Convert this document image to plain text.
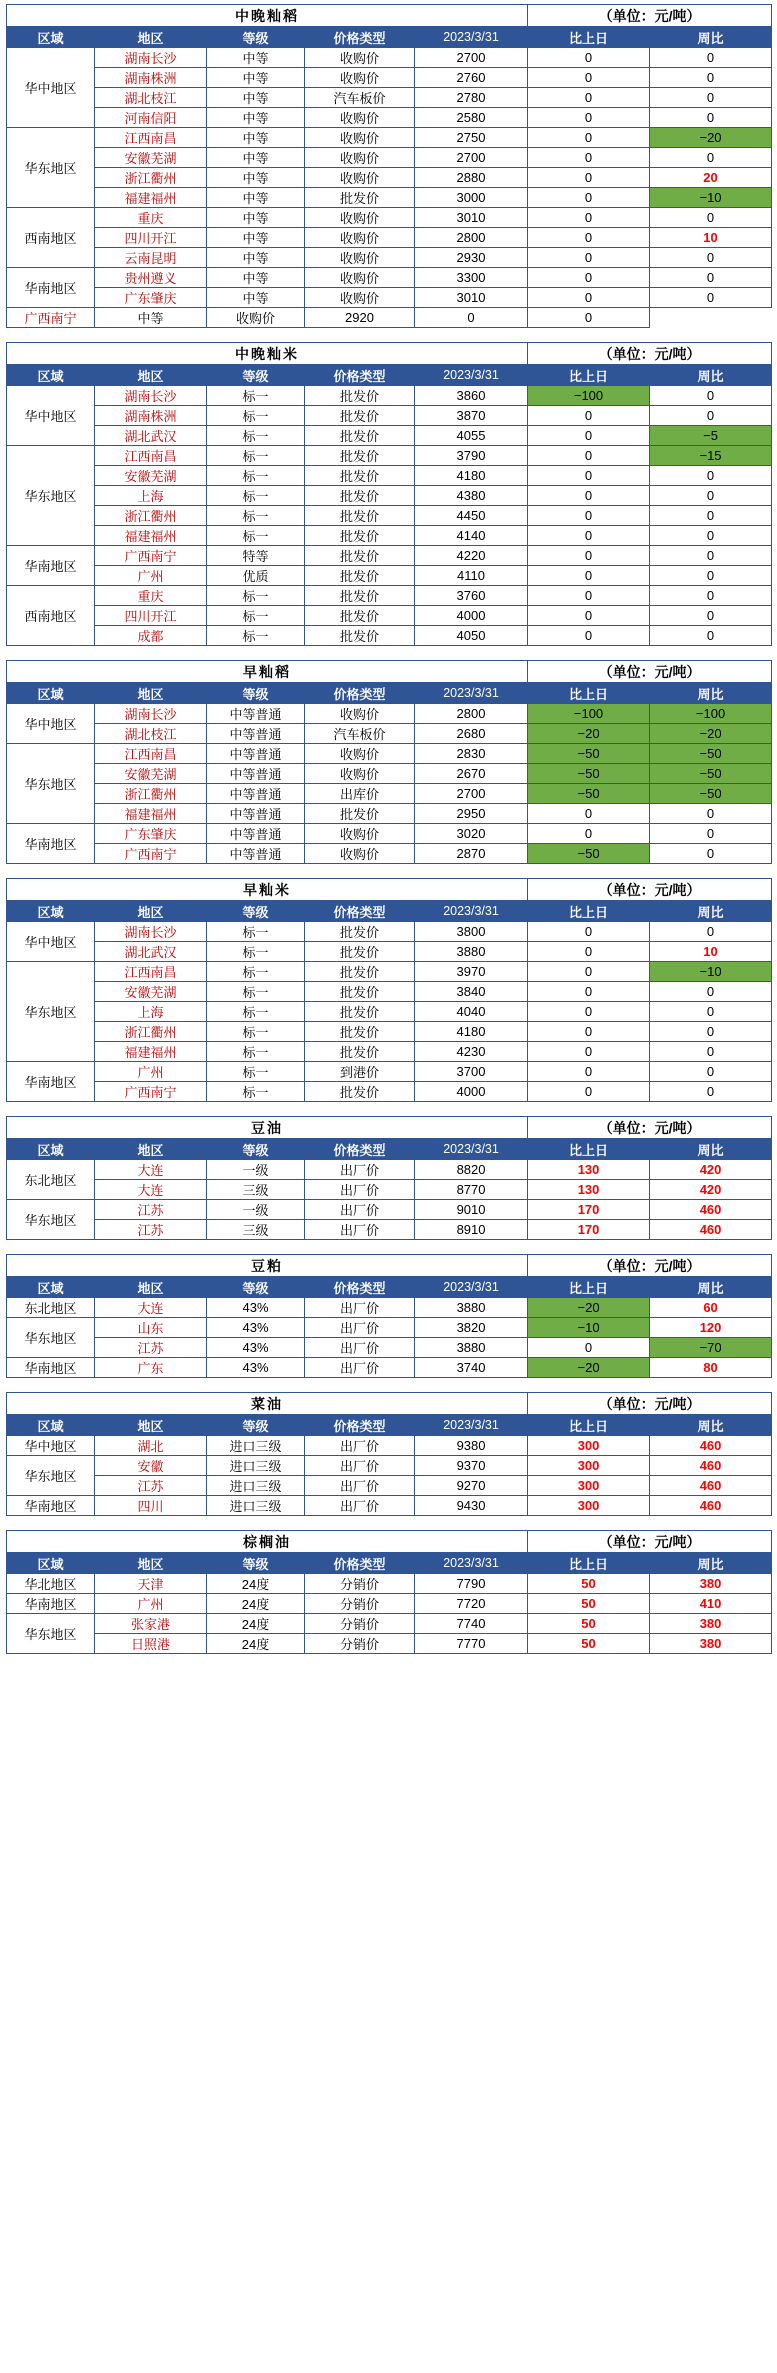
中晚籼稻					（单位：元/吨）	
区域	地区	等级	价格类型	2023/3/31	比上日	周比
华中地区	湖南长沙	中等	收购价	2700	0	0
	湖南株洲	中等	收购价	2760	0	0
	湖北枝江	中等	汽车板价	2780	0	0
	河南信阳	中等	收购价	2580	0	0
华东地区	江西南昌	中等	收购价	2750	0	−20
	安徽芜湖	中等	收购价	2700	0	0
	浙江衢州	中等	收购价	2880	0	20
	福建福州	中等	批发价	3000	0	−10
西南地区	重庆	中等	收购价	3010	0	0
	四川开江	中等	收购价	2800	0	10
	云南昆明	中等	收购价	2930	0	0
华南地区	贵州遵义	中等	收购价	3300	0	0
	广东肇庆	中等	收购价	3010	0	0
广西南宁	中等	收购价	2920	0	0	
中晚籼米					（单位：元/吨）	
区域	地区	等级	价格类型	2023/3/31	比上日	周比
华中地区	湖南长沙	标一	批发价	3860	−100	0
	湖南株洲	标一	批发价	3870	0	0
	湖北武汉	标一	批发价	4055	0	−5
华东地区	江西南昌	标一	批发价	3790	0	−15
	安徽芜湖	标一	批发价	4180	0	0
	上海	标一	批发价	4380	0	0
	浙江衢州	标一	批发价	4450	0	0
	福建福州	标一	批发价	4140	0	0
华南地区	广西南宁	特等	批发价	4220	0	0
	广州	优质	批发价	4110	0	0
西南地区	重庆	标一	批发价	3760	0	0
	四川开江	标一	批发价	4000	0	0
	成都	标一	批发价	4050	0	0
早籼稻					（单位：元/吨）	
区域	地区	等级	价格类型	2023/3/31	比上日	周比
华中地区	湖南长沙	中等普通	收购价	2800	−100	−100
	湖北枝江	中等普通	汽车板价	2680	−20	−20
华东地区	江西南昌	中等普通	收购价	2830	−50	−50
	安徽芜湖	中等普通	收购价	2670	−50	−50
	浙江衢州	中等普通	出库价	2700	−50	−50
	福建福州	中等普通	批发价	2950	0	0
华南地区	广东肇庆	中等普通	收购价	3020	0	0
	广西南宁	中等普通	收购价	2870	−50	0
早籼米					（单位：元/吨）	
区域	地区	等级	价格类型	2023/3/31	比上日	周比
华中地区	湖南长沙	标一	批发价	3800	0	0
	湖北武汉	标一	批发价	3880	0	10
华东地区	江西南昌	标一	批发价	3970	0	−10
	安徽芜湖	标一	批发价	3840	0	0
	上海	标一	批发价	4040	0	0
	浙江衢州	标一	批发价	4180	0	0
	福建福州	标一	批发价	4230	0	0
华南地区	广州	标一	到港价	3700	0	0
	广西南宁	标一	批发价	4000	0	0
豆油					（单位：元/吨）	
区域	地区	等级	价格类型	2023/3/31	比上日	周比
东北地区	大连	一级	出厂价	8820	130	420
	大连	三级	出厂价	8770	130	420
华东地区	江苏	一级	出厂价	9010	170	460
	江苏	三级	出厂价	8910	170	460
豆粕					（单位：元/吨）	
区域	地区	等级	价格类型	2023/3/31	比上日	周比
东北地区	大连	43%	出厂价	3880	−20	60
华东地区	山东	43%	出厂价	3820	−10	120
	江苏	43%	出厂价	3880	0	−70
华南地区	广东	43%	出厂价	3740	−20	80
菜油					（单位：元/吨）	
区域	地区	等级	价格类型	2023/3/31	比上日	周比
华中地区	湖北	进口三级	出厂价	9380	300	460
华东地区	安徽	进口三级	出厂价	9370	300	460
	江苏	进口三级	出厂价	9270	300	460
华南地区	四川	进口三级	出厂价	9430	300	460
棕榈油					（单位：元/吨）	
区域	地区	等级	价格类型	2023/3/31	比上日	周比
华北地区	天津	24度	分销价	7790	50	380
华南地区	广州	24度	分销价	7720	50	410
华东地区	张家港	24度	分销价	7740	50	380
	日照港	24度	分销价	7770	50	380
